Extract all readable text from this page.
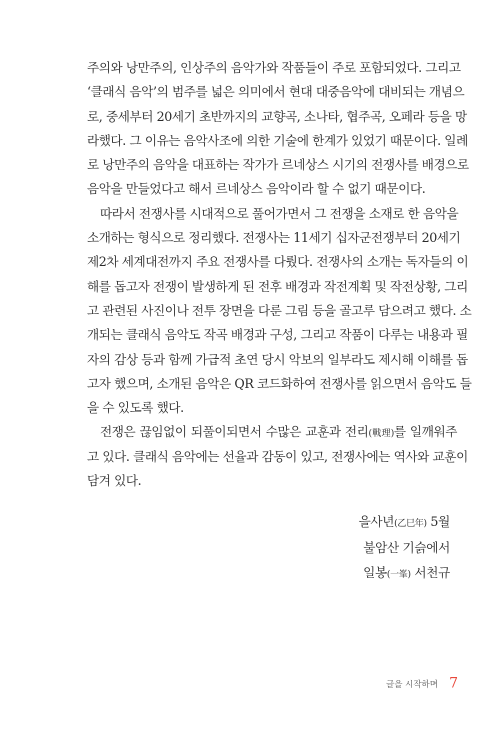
주의와 낭만주의, 인상주의 음악가와 작품들이 주로 포함되었다. 그리고
‘클래식 음악’의 범주를 넓은 의미에서 현대 대중음악에 대비되는 개념으
로, 중세부터 20세기 초반까지의 교향곡, 소나타, 협주곡, 오페라 등을 망
라했다. 그 이유는 음악사조에 의한 기술에 한계가 있었기 때문이다. 일례
로 낭만주의 음악을 대표하는 작가가 르네상스 시기의 전쟁사를 배경으로
음악을 만들었다고 해서 르네상스 음악이라 할 수 없기 때문이다.
따라서 전쟁사를 시대적으로 풀어가면서 그 전쟁을 소재로 한 음악을
소개하는 형식으로 정리했다. 전쟁사는 11세기 십자군전쟁부터 20세기
제2차 세계대전까지 주요 전쟁사를 다뤘다. 전쟁사의 소개는 독자들의 이
해를 돕고자 전쟁이 발생하게 된 전후 배경과 작전계획 및 작전상황, 그리
고 관련된 사진이나 전투 장면을 다룬 그림 등을 골고루 담으려고 했다. 소
개되는 클래식 음악도 작곡 배경과 구성, 그리고 작품이 다루는 내용과 필
자의 감상 등과 함께 가급적 초연 당시 악보의 일부라도 제시해 이해를 돕
고자 했으며, 소개된 음악은 QR 코드화하여 전쟁사를 읽으면서 음악도 들
을 수 있도록 했다.
전쟁은 끊임없이 되풀이되면서 수많은 교훈과 전리(戰理)를 일깨워주
고 있다. 클래식 음악에는 선율과 감동이 있고, 전쟁사에는 역사와 교훈이
담겨 있다.
을사년(乙巳年) 5월
불암산 기슭에서
일봉(一峯) 서천규
글을 시작하며 7
